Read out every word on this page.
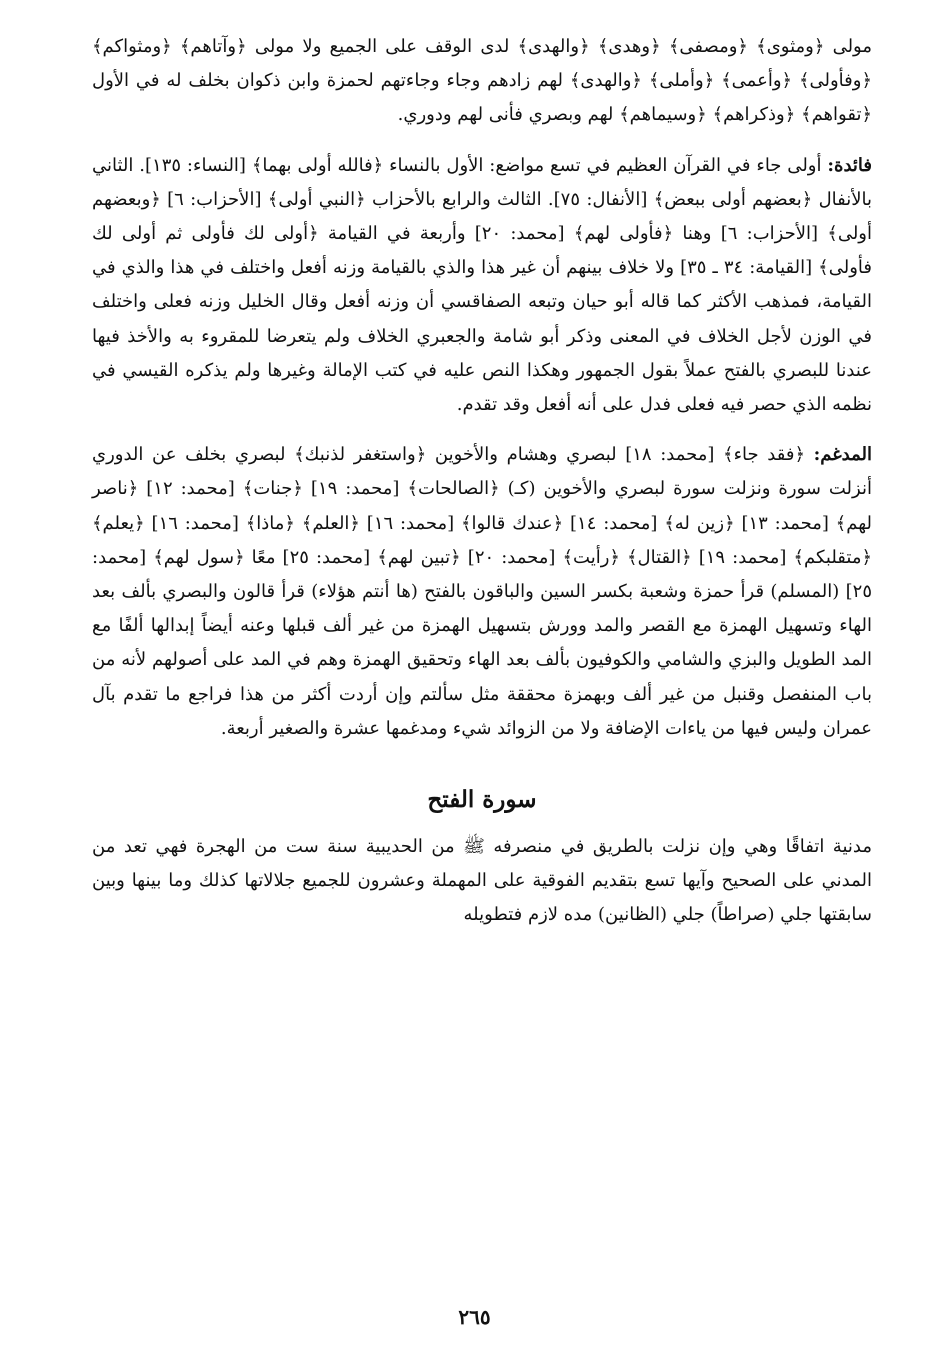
مولى ﴿ومثوى﴾ ﴿ومصفى﴾ ﴿وهدى﴾ ﴿والهدى﴾ لدى الوقف على الجميع ولا مولى ﴿وآتاهم﴾ ﴿ومثواكم﴾ ﴿وفأولى﴾ ﴿وأعمى﴾ ﴿وأملى﴾ ﴿والهدى﴾ لهم زادهم وجاء وجاءتهم لحمزة وابن ذكوان بخلف له في الأول ﴿تقواهم﴾ ﴿وذكراهم﴾ ﴿وسيماهم﴾ لهم وبصري فأنى لهم ودوري.

فائدة: أولى جاء في القرآن العظيم في تسع مواضع: الأول بالنساء ﴿فالله أولى بهما﴾ [النساء: ١٣٥]. الثاني بالأنفال ﴿بعضهم أولى ببعض﴾ [الأنفال: ٧٥]. الثالث والرابع بالأحزاب ﴿النبي أولى﴾ [الأحزاب: ٦] ﴿وبعضهم أولى﴾ [الأحزاب: ٦] وهنا ﴿فأولى لهم﴾ [محمد: ٢٠] وأربعة في القيامة ﴿أولى لك فأولى ثم أولى لك فأولى﴾ [القيامة: ٣٤ ـ ٣٥] ولا خلاف بينهم أن غير هذا والذي بالقيامة وزنه أفعل واختلف في هذا والذي في القيامة، فمذهب الأكثر كما قاله أبو حيان وتبعه الصفاقسي أن وزنه أفعل وقال الخليل وزنه فعلى واختلف في الوزن لأجل الخلاف في المعنى وذكر أبو شامة والجعبري الخلاف ولم يتعرضا للمقروء به والأخذ فيها عندنا للبصري بالفتح عملاً بقول الجمهور وهكذا النص عليه في كتب الإمالة وغيرها ولم يذكره القيسي في نظمه الذي حصر فيه فعلى فدل على أنه أفعل وقد تقدم.

المدغم: ﴿فقد جاء﴾ [محمد: ١٨] لبصري وهشام والأخوين ﴿واستغفر لذنبك﴾ لبصري بخلف عن الدوري أنزلت سورة ونزلت سورة لبصري والأخوين (كـ) ﴿الصالحات﴾ [محمد: ١٩] ﴿جنات﴾ [محمد: ١٢] ﴿ناصر لهم﴾ [محمد: ١٣] ﴿زين له﴾ [محمد: ١٤] ﴿عندك قالوا﴾ [محمد: ١٦] ﴿العلم﴾ ﴿ماذا﴾ [محمد: ١٦] ﴿يعلم﴾ ﴿متقلبكم﴾ [محمد: ١٩] ﴿القتال﴾ ﴿رأيت﴾ [محمد: ٢٠] ﴿تبين لهم﴾ [محمد: ٢٥] معًا ﴿سول لهم﴾ [محمد: ٢٥] (المسلم) قرأ حمزة وشعبة بكسر السين والباقون بالفتح (ها أنتم هؤلاء) قرأ قالون والبصري بألف بعد الهاء وتسهيل الهمزة مع القصر والمد وورش بتسهيل الهمزة من غير ألف قبلها وعنه أيضاً إبدالها ألفًا مع المد الطويل والبزي والشامي والكوفيون بألف بعد الهاء وتحقيق الهمزة وهم في المد على أصولهم لأنه من باب المنفصل وقنبل من غير ألف وبهمزة محققة مثل سألتم وإن أردت أكثر من هذا فراجع ما تقدم بآل عمران وليس فيها من ياءات الإضافة ولا من الزوائد شيء ومدغمها عشرة والصغير أربعة.

سورة الفتح

مدنية اتفاقًا وهي وإن نزلت بالطريق في منصرفه ﷺ من الحديبية سنة ست من الهجرة فهي تعد من المدني على الصحيح وآيها تسع بتقديم الفوقية على المهملة وعشرون للجميع جلالاتها كذلك وما بينها وبين سابقتها جلي (صراطاً) جلي (الظانين) مده لازم فتطويله

٢٦٥
